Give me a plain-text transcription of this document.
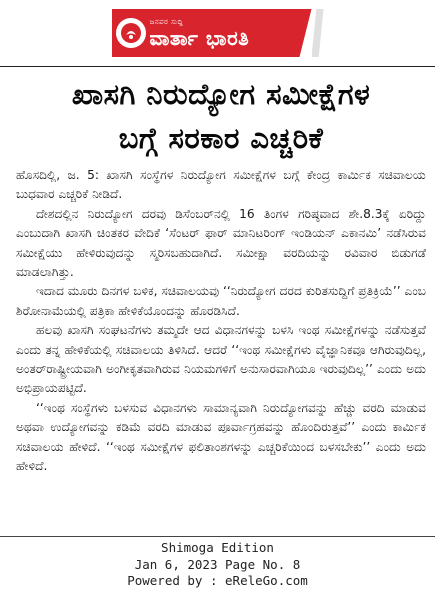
ಜನಪರ ಸುದ್ದಿ
ವಾರ್ತಾ ಭಾರತಿ
ಖಾಸಗಿ ನಿರುದ್ಯೋಗ ಸಮೀಕ್ಷೆಗಳ
ಬಗ್ಗೆ ಸರಕಾರ ಎಚ್ಚರಿಕೆ

ಹೊಸದಿಲ್ಲಿ, ಜ. 5: ಖಾಸಗಿ ಸಂಸ್ಥೆಗಳ ನಿರುದ್ಯೋಗ ಸಮೀಕ್ಷೆಗಳ ಬಗ್ಗೆ ಕೇಂದ್ರ ಕಾರ್ಮಿಕ ಸಚಿವಾಲಯ ಬುಧವಾರ ಎಚ್ಚರಿಕೆ ನೀಡಿದೆ.

ದೇಶದಲ್ಲಿನ ನಿರುದ್ಯೋಗ ದರವು ಡಿಸೆಂಬರ್‌ನಲ್ಲಿ 16 ತಿಂಗಳ ಗರಿಷ್ಠವಾದ ಶೇ.8.3ಕ್ಕೆ ಏರಿದ್ದು ಎಂಬುದಾಗಿ ಖಾಸಗಿ ಚಿಂತಕರ ವೇದಿಕೆ ‘ಸೆಂಟರ್ ಫಾರ್ ಮಾನಿಟರಿಂಗ್ ಇಂಡಿಯನ್ ಎಕಾನಮಿ’ ನಡೆಸಿರುವ ಸಮೀಕ್ಷೆಯು ಹೇಳಿರುವುದನ್ನು ಸ್ಮರಿಸಬಹುದಾಗಿದೆ. ಸಮೀಕ್ಷಾ ವರದಿಯನ್ನು ರವಿವಾರ ಬಿಡುಗಡೆ ಮಾಡಲಾಗಿತ್ತು.

ಇದಾದ ಮೂರು ದಿನಗಳ ಬಳಿಕ, ಸಚಿವಾಲಯವು ‘‘ನಿರುದ್ಯೋಗ ದರದ ಕುರಿತಸುದ್ದಿಗೆ ಪ್ರತಿಕ್ರಿಯೆ’’ ಎಂಬ ಶಿರೋನಾಮೆಯಲ್ಲಿ ಪತ್ರಿಕಾ ಹೇಳಿಕೆಯೊಂದನ್ನು ಹೊರಡಿಸಿದೆ.

ಹಲವು ಖಾಸಗಿ ಸಂಘಟನೆಗಳು ತಮ್ಮದೇ ಆದ ವಿಧಾನಗಳನ್ನು ಬಳಸಿ ಇಂಥ ಸಮೀಕ್ಷೆಗಳನ್ನು ನಡೆಸುತ್ತವೆ ಎಂದು ತನ್ನ ಹೇಳಿಕೆಯಲ್ಲಿ ಸಚಿವಾಲಯ ತಿಳಿಸಿದೆ. ಆದರೆ ‘‘ಇಂಥ ಸಮೀಕ್ಷೆಗಳು ವೈಜ್ಞಾನಿಕವೂ ಆಗಿರುವುದಿಲ್ಲ, ಅಂತರ್‌ರಾಷ್ಟ್ರೀಯವಾಗಿ ಅಂಗೀಕೃತವಾಗಿರುವ ನಿಯಮಗಳಿಗೆ ಅನುಸಾರವಾಗಿಯೂ ಇರುವುದಿಲ್ಲ’’ ಎಂದು ಅದು ಅಭಿಪ್ರಾಯಪಟ್ಟಿದೆ.

‘‘ಇಂಥ ಸಂಸ್ಥೆಗಳು ಬಳಸುವ ವಿಧಾನಗಳು ಸಾಮಾನ್ಯವಾಗಿ ನಿರುದ್ಯೋಗವನ್ನು ಹೆಚ್ಚು ವರದಿ ಮಾಡುವ ಅಥವಾ ಉದ್ಯೋಗವನ್ನು ಕಡಿಮೆ ವರದಿ ಮಾಡುವ ಪೂರ್ವಾಗ್ರಹವನ್ನು ಹೊಂದಿರುತ್ತವೆ’’ ಎಂದು ಕಾರ್ಮಿಕ ಸಚಿವಾಲಯ ಹೇಳಿದೆ. ‘‘ಇಂಥ ಸಮೀಕ್ಷೆಗಳ ಫಲಿತಾಂಶಗಳನ್ನು ಎಚ್ಚರಿಕೆಯಿಂದ ಬಳಸಬೇಕು’’ ಎಂದು ಅದು ಹೇಳಿದೆ.

Shimoga Edition
Jan 6, 2023 Page No. 8
Powered by : eReleGo.com
